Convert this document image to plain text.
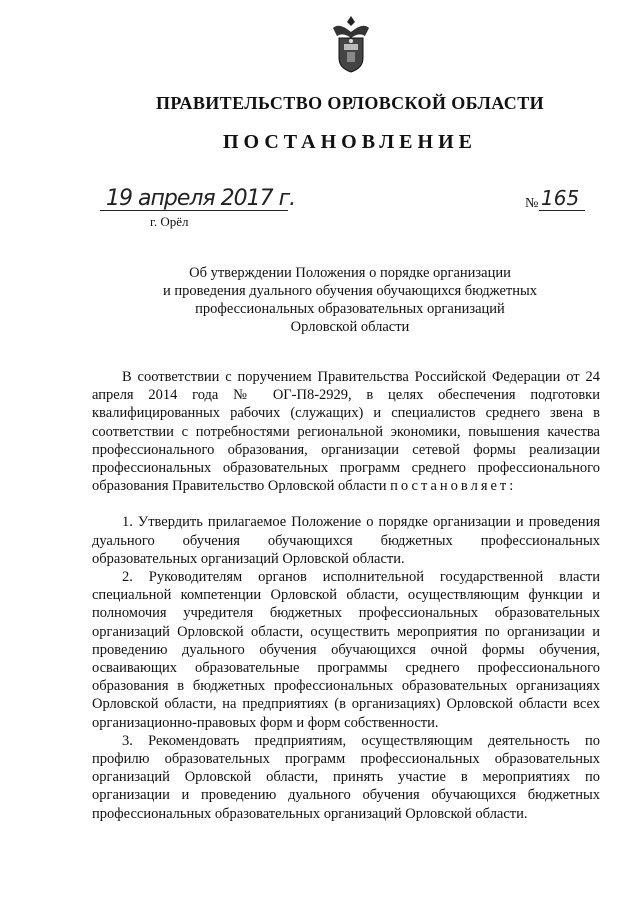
ПРАВИТЕЛЬСТВО ОРЛОВСКОЙ ОБЛАСТИ
ПОСТАНОВЛЕНИЕ
19 апреля 2017 г.
г. Орёл
№ 165
Об утверждении Положения о порядке организации
и проведения дуального обучения обучающихся бюджетных
профессиональных образовательных организаций
Орловской области

В соответствии с поручением Правительства Российской Федерации от 24 апреля 2014 года № ОГ-П8-2929, в целях обеспечения подготовки квалифицированных рабочих (служащих) и специалистов среднего звена в соответствии с потребностями региональной экономики, повышения качества профессионального образования, организации сетевой формы реализации профессиональных образовательных программ среднего профессионального образования Правительство Орловской области постановляет:

1. Утвердить прилагаемое Положение о порядке организации и проведения дуального обучения обучающихся бюджетных профессиональных образовательных организаций Орловской области.

2. Руководителям органов исполнительной государственной власти специальной компетенции Орловской области, осуществляющим функции и полномочия учредителя бюджетных профессиональных образовательных организаций Орловской области, осуществить мероприятия по организации и проведению дуального обучения обучающихся очной формы обучения, осваивающих образовательные программы среднего профессионального образования в бюджетных профессиональных образовательных организациях Орловской области, на предприятиях (в организациях) Орловской области всех организационно-правовых форм и форм собственности.

3. Рекомендовать предприятиям, осуществляющим деятельность по профилю образовательных программ профессиональных образовательных организаций Орловской области, принять участие в мероприятиях по организации и проведению дуального обучения обучающихся бюджетных профессиональных образовательных организаций Орловской области.
